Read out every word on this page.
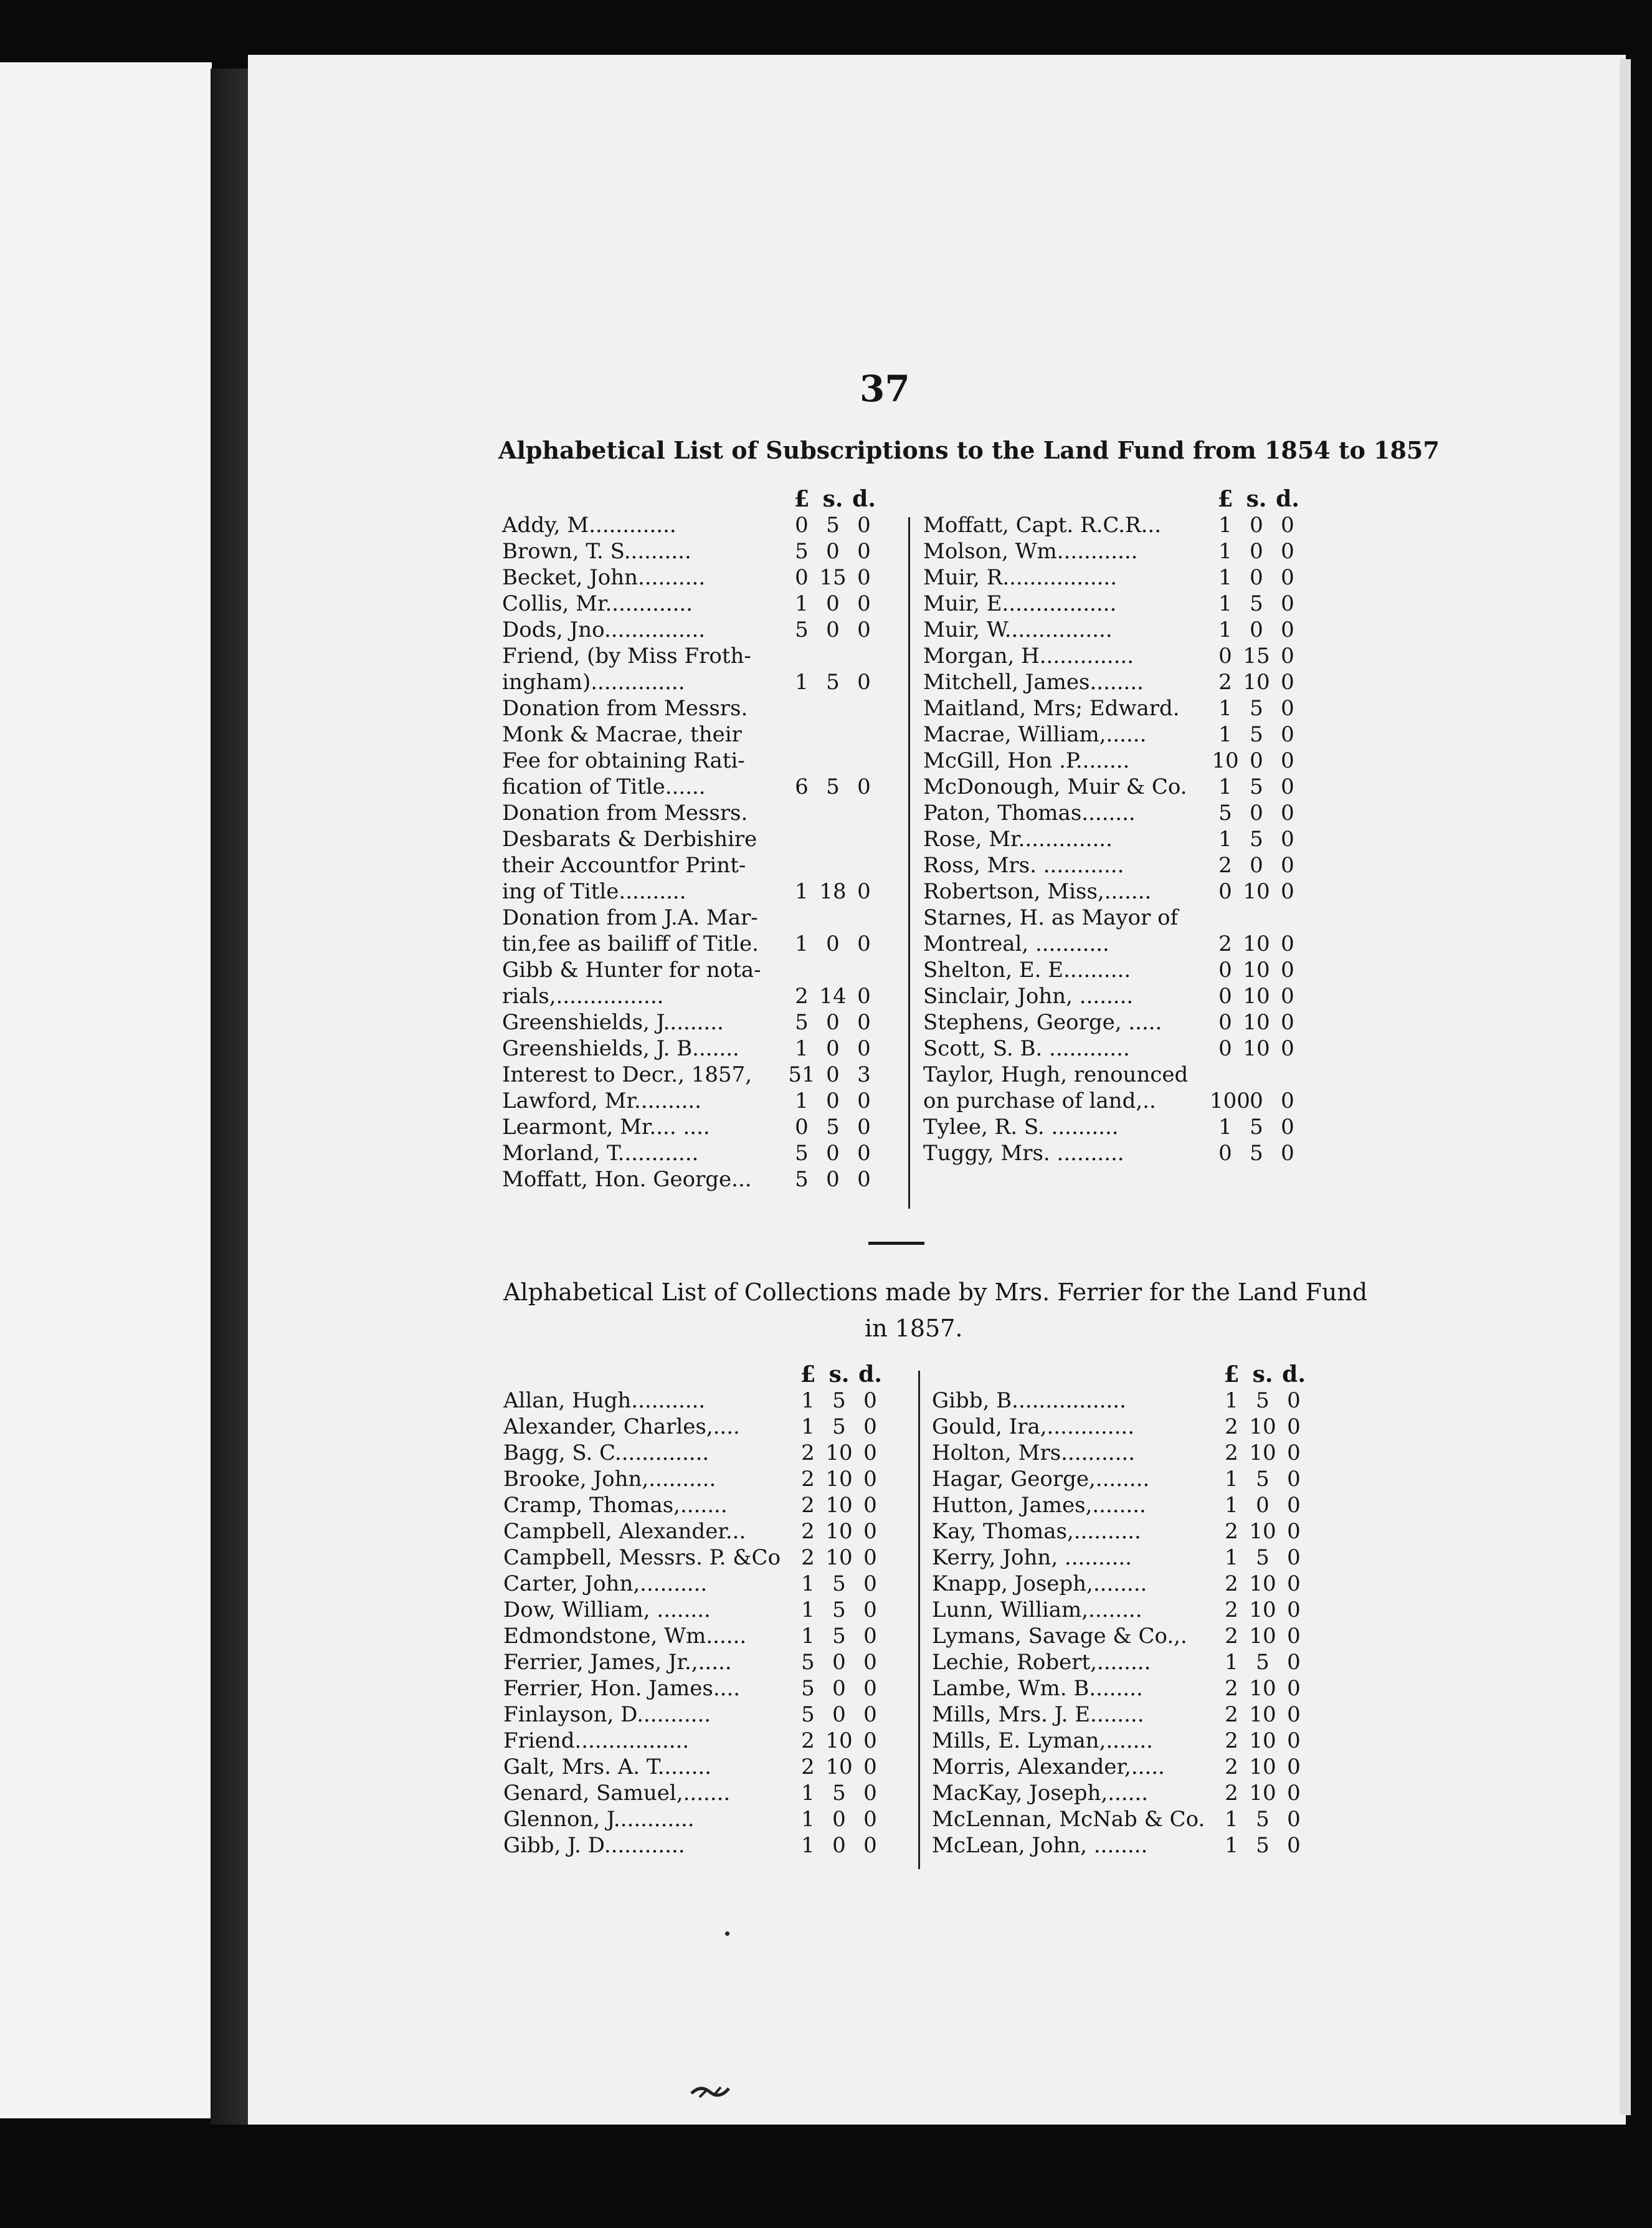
37
Alphabetical List of Subscriptions to the Land Fund from 1854 to 1857
£ s. d.
Addy, M.............	0 5 0
Brown, T. S..........	5 0 0
Becket, John..........	0 15 0
Collis, Mr.............	1 0 0
Dods, Jno...............	5 0 0
Friend, (by Miss Froth-
ingham)..............	1 5 0
Donation from Messrs.
Monk & Macrae, their
Fee for obtaining Rati-
fication of Title......	6 5 0
Donation from Messrs.
Desbarats & Derbishire
their Accountfor Print-
ing of Title..........	1 18 0
Donation from J.A. Mar-
tin,fee as bailiff of Title.	1 0 0
Gibb & Hunter for nota-
rials,................	2 14 0
Greenshields, J.........	5 0 0
Greenshields, J. B.......	1 0 0
Interest to Decr., 1857, 51 0 3
Lawford, Mr..........	1 0 0
Learmont, Mr.... ....	0 5 0
Morland, T............	5 0 0
Moffatt, Hon. George...	5 0 0
£ s. d.
Moffatt, Capt. R.C.R...	1 0 0
Molson, Wm............	1 0 0
Muir, R.................	1 0 0
Muir, E.................	1 5 0
Muir, W................	1 0 0
Morgan, H..............	0 15 0
Mitchell, James........	2 10 0
Maitland, Mrs; Edward.	1 5 0
Macrae, William,......	1 5 0
McGill, Hon .P........	10 0 0
McDonough, Muir & Co.	1 5 0
Paton, Thomas........	5 0 0
Rose, Mr..............	1 5 0
Ross, Mrs. ............	2 0 0
Robertson, Miss,.......	0 10 0
Starnes, H. as Mayor of
Montreal, ...........	2 10 0
Shelton, E. E..........	0 10 0
Sinclair, John, ........	0 10 0
Stephens, George, .....	0 10 0
Scott, S. B. ............	0 10 0
Taylor, Hugh, renounced
on purchase of land,..	100 0 0
Tylee, R. S. ..........	1 5 0
Tuggy, Mrs. ..........	0 5 0
Alphabetical List of Collections made by Mrs. Ferrier for the Land Fund
in 1857.
£ s. d.
Allan, Hugh...........	1 5 0
Alexander, Charles,....	1 5 0
Bagg, S. C..............	2 10 0
Brooke, John,..........	2 10 0
Cramp, Thomas,.......	2 10 0
Campbell, Alexander...	2 10 0
Campbell, Messrs. P. &Co 2 10 0
Carter, John,..........	1 5 0
Dow, William, ........	1 5 0
Edmondstone, Wm......	1 5 0
Ferrier, James, Jr.,.....	5 0 0
Ferrier, Hon. James....	5 0 0
Finlayson, D...........	5 0 0
Friend.................	2 10 0
Galt, Mrs. A. T........	2 10 0
Genard, Samuel,.......	1 5 0
Glennon, J............	1 0 0
Gibb, J. D............	1 0 0
£ s. d.
Gibb, B.................	1 5 0
Gould, Ira,.............	2 10 0
Holton, Mrs...........	2 10 0
Hagar, George,........	1 5 0
Hutton, James,........	1 0 0
Kay, Thomas,..........	2 10 0
Kerry, John, ..........	1 5 0
Knapp, Joseph,........	2 10 0
Lunn, William,........	2 10 0
Lymans, Savage & Co.,.	2 10 0
Lechie, Robert,........	1 5 0
Lambe, Wm. B........	2 10 0
Mills, Mrs. J. E........	2 10 0
Mills, E. Lyman,.......	2 10 0
Morris, Alexander,.....	2 10 0
MacKay, Joseph,......	2 10 0
McLennan, McNab & Co. 1 5 0
McLean, John, ........	1 5 0
